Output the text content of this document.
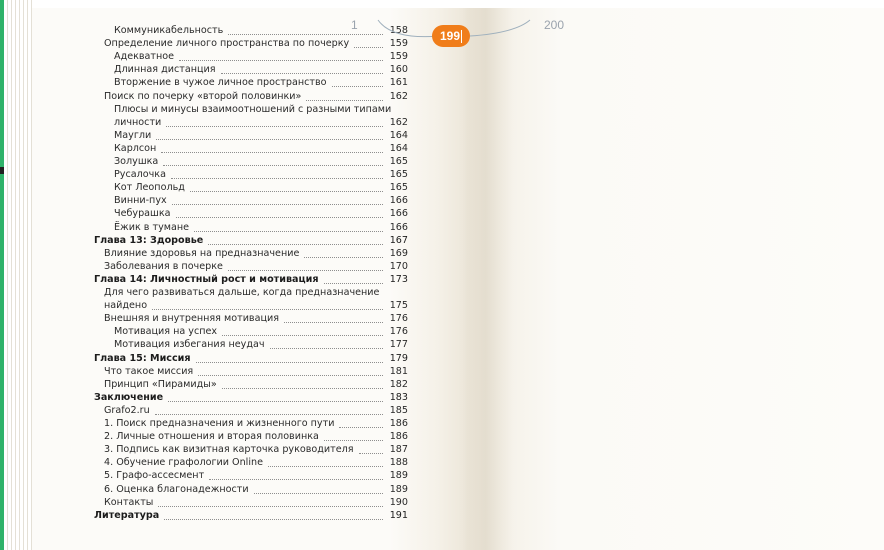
Коммуникабельность	158
Определение личного пространства по почерку	159
Адекватное	159
Длинная дистанция	160
Вторжение в чужое личное пространство	161
Поиск по почерку «второй половинки»	162
Плюсы и минусы взаимоотношений с разными типами
личности	162
Маугли	164
Карлсон	164
Золушка	165
Русалочка	165
Кот Леопольд	165
Винни-пух	166
Чебурашка	166
Ёжик в тумане	166
Глава 13: Здоровье	167
Влияние здоровья на предназначение	169
Заболевания в почерке	170
Глава 14: Личностный рост и мотивация	173
Для чего развиваться дальше, когда предназначение
найдено	175
Внешняя и внутренняя мотивация	176
Мотивация на успех	176
Мотивация избегания неудач	177
Глава 15: Миссия	179
Что такое миссия	181
Принцип «Пирамиды»	182
Заключение	183
Grafo2.ru	185
1. Поиск предназначения и жизненного пути	186
2. Личные отношения и вторая половинка	186
3. Подпись как визитная карточка руководителя	187
4. Обучение графологии Online	188
5. Графо-ассесмент	189
6. Оценка благонадежности	189
Контакты	190
Литература	191
1	200
199
